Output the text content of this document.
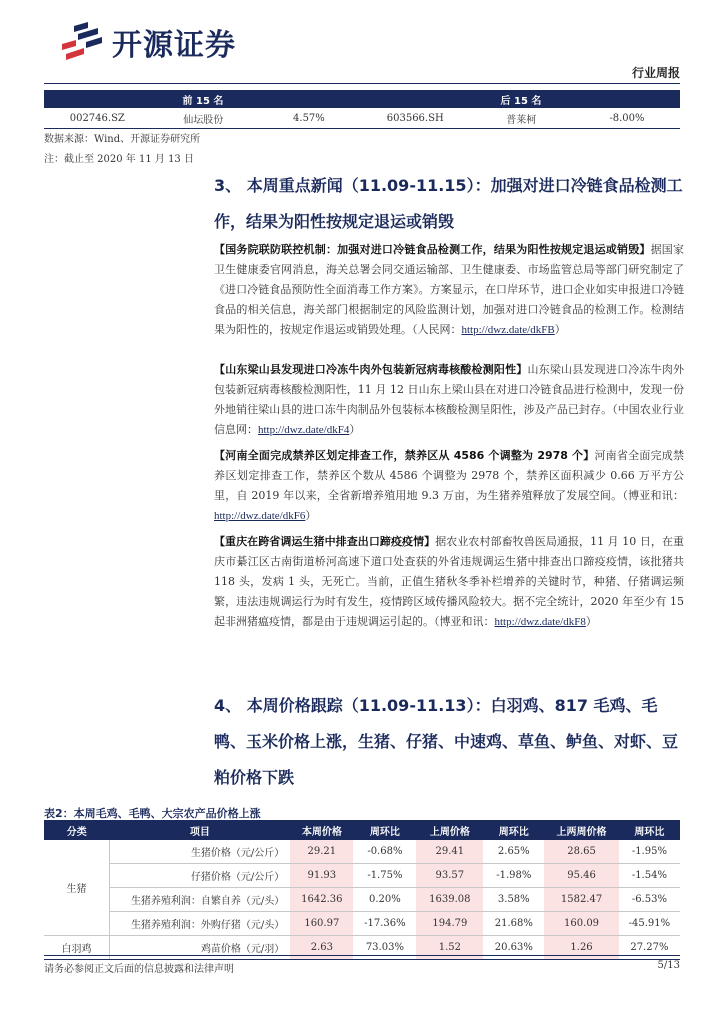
开源证券
行业周报
前 15 名			后 15 名		
002746.SZ	仙坛股份	4.57%	603566.SH	普莱柯	-8.00%
数据来源：Wind、开源证券研究所
注：截止至 2020 年 11 月 13 日
3、 本周重点新闻（11.09-11.15）：加强对进口冷链食品检测工作，结果为阳性按规定退运或销毁
【国务院联防联控机制：加强对进口冷链食品检测工作，结果为阳性按规定退运或销毁】据国家卫生健康委官网消息，海关总署会同交通运输部、卫生健康委、市场监管总局等部门研究制定了《进口冷链食品预防性全面消毒工作方案》。方案显示，在口岸环节，进口企业如实申报进口冷链食品的相关信息，海关部门根据制定的风险监测计划，加强对进口冷链食品的检测工作。检测结果为阳性的，按规定作退运或销毁处理。（人民网：http://dwz.date/dkFB）
【山东梁山县发现进口冷冻牛肉外包装新冠病毒核酸检测阳性】山东梁山县发现进口冷冻牛肉外包装新冠病毒核酸检测阳性，11 月 12 日山东上梁山县在对进口冷链食品进行检测中，发现一份外地销往梁山县的进口冻牛肉制品外包装标本核酸检测呈阳性，涉及产品已封存。（中国农业行业信息网：http://dwz.date/dkF4）
【河南全面完成禁养区划定排查工作，禁养区从 4586 个调整为 2978 个】河南省全面完成禁养区划定排查工作，禁养区个数从 4586 个调整为 2978 个，禁养区面积减少 0.66 万平方公里，自 2019 年以来，全省新增养殖用地 9.3 万亩，为生猪养殖释放了发展空间。（博亚和讯：http://dwz.date/dkF6）
【重庆在跨省调运生猪中排查出口蹄疫疫情】据农业农村部畜牧兽医局通报，11 月 10 日，在重庆市綦江区古南街道桥河高速下道口处查获的外省违规调运生猪中排查出口蹄疫疫情，该批猪共 118 头，发病 1 头，无死亡。当前，正值生猪秋冬季补栏增养的关键时节，种猪、仔猪调运频繁，违法违规调运行为时有发生，疫情跨区域传播风险较大。据不完全统计，2020 年至少有 15 起非洲猪瘟疫情，都是由于违规调运引起的。（博亚和讯：http://dwz.date/dkF8）
4、 本周价格跟踪（11.09-11.13）：白羽鸡、817 毛鸡、毛鸭、玉米价格上涨，生猪、仔猪、中速鸡、草鱼、鲈鱼、对虾、豆粕价格下跌
表2：本周毛鸡、毛鸭、大宗农产品价格上涨
分类	项目	本周价格	周环比	上周价格	周环比	上两周价格	周环比
生猪	生猪价格（元/公斤）	29.21	-0.68%	29.41	2.65%	28.65	-1.95%
	仔猪价格（元/公斤）	91.93	-1.75%	93.57	-1.98%	95.46	-1.54%
	生猪养殖利润：自繁自养（元/头）	1642.36	0.20%	1639.08	3.58%	1582.47	-6.53%
	生猪养殖利润：外购仔猪（元/头）	160.97	-17.36%	194.79	21.68%	160.09	-45.91%
白羽鸡	鸡苗价格（元/羽）	2.63	73.03%	1.52	20.63%	1.26	27.27%
请务必参阅正文后面的信息披露和法律声明	5/13
